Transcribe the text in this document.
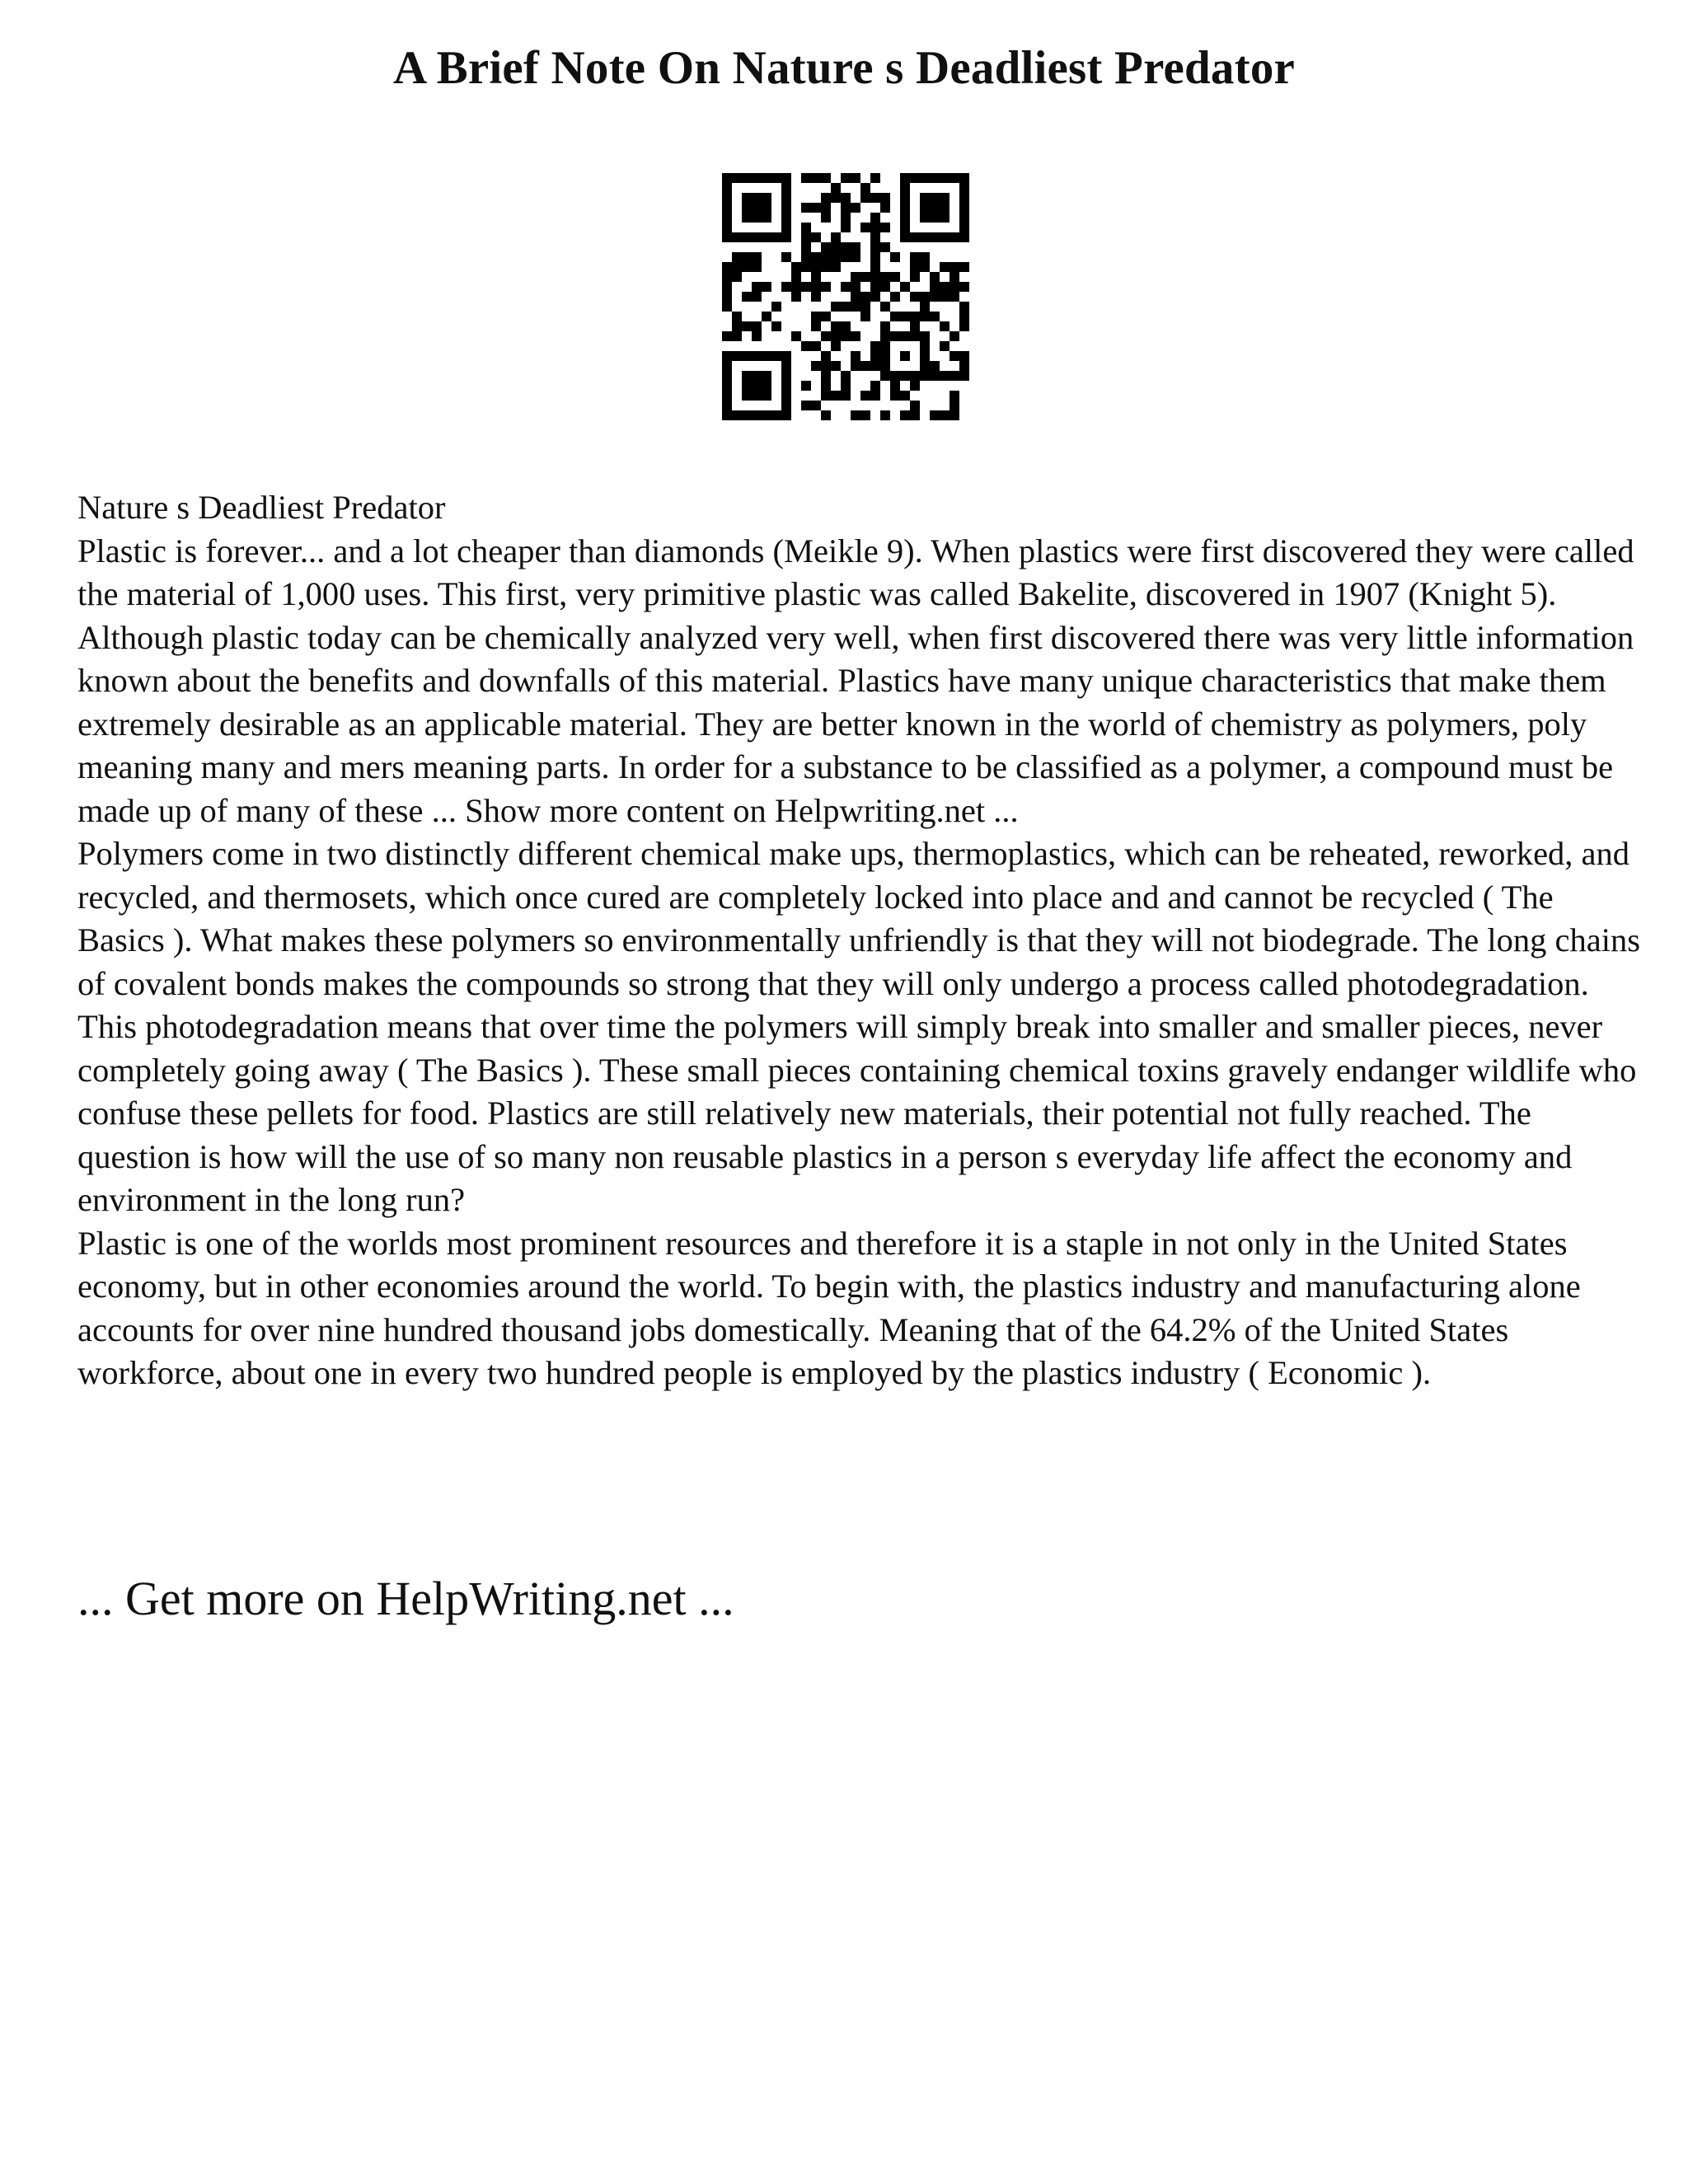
A Brief Note On Nature s Deadliest Predator

Nature s Deadliest Predator

Plastic is forever... and a lot cheaper than diamonds (Meikle 9). When plastics were first discovered they were called the material of 1,000 uses. This first, very primitive plastic was called Bakelite, discovered in 1907 (Knight 5). Although plastic today can be chemically analyzed very well, when first discovered there was very little information known about the benefits and downfalls of this material. Plastics have many unique characteristics that make them extremely desirable as an applicable material. They are better known in the world of chemistry as polymers, poly meaning many and mers meaning parts. In order for a substance to be classified as a polymer, a compound must be made up of many of these ... Show more content on Helpwriting.net ...

Polymers come in two distinctly different chemical make ups, thermoplastics, which can be reheated, reworked, and recycled, and thermosets, which once cured are completely locked into place and and cannot be recycled ( The Basics ). What makes these polymers so environmentally unfriendly is that they will not biodegrade. The long chains of covalent bonds makes the compounds so strong that they will only undergo a process called photodegradation. This photodegradation means that over time the polymers will simply break into smaller and smaller pieces, never completely going away ( The Basics ). These small pieces containing chemical toxins gravely endanger wildlife who confuse these pellets for food. Plastics are still relatively new materials, their potential not fully reached. The question is how will the use of so many non reusable plastics in a person s everyday life affect the economy and environment in the long run?

Plastic is one of the worlds most prominent resources and therefore it is a staple in not only in the United States economy, but in other economies around the world. To begin with, the plastics industry and manufacturing alone accounts for over nine hundred thousand jobs domestically. Meaning that of the 64.2% of the United States workforce, about one in every two hundred people is employed by the plastics industry ( Economic ).

... Get more on HelpWriting.net ...
